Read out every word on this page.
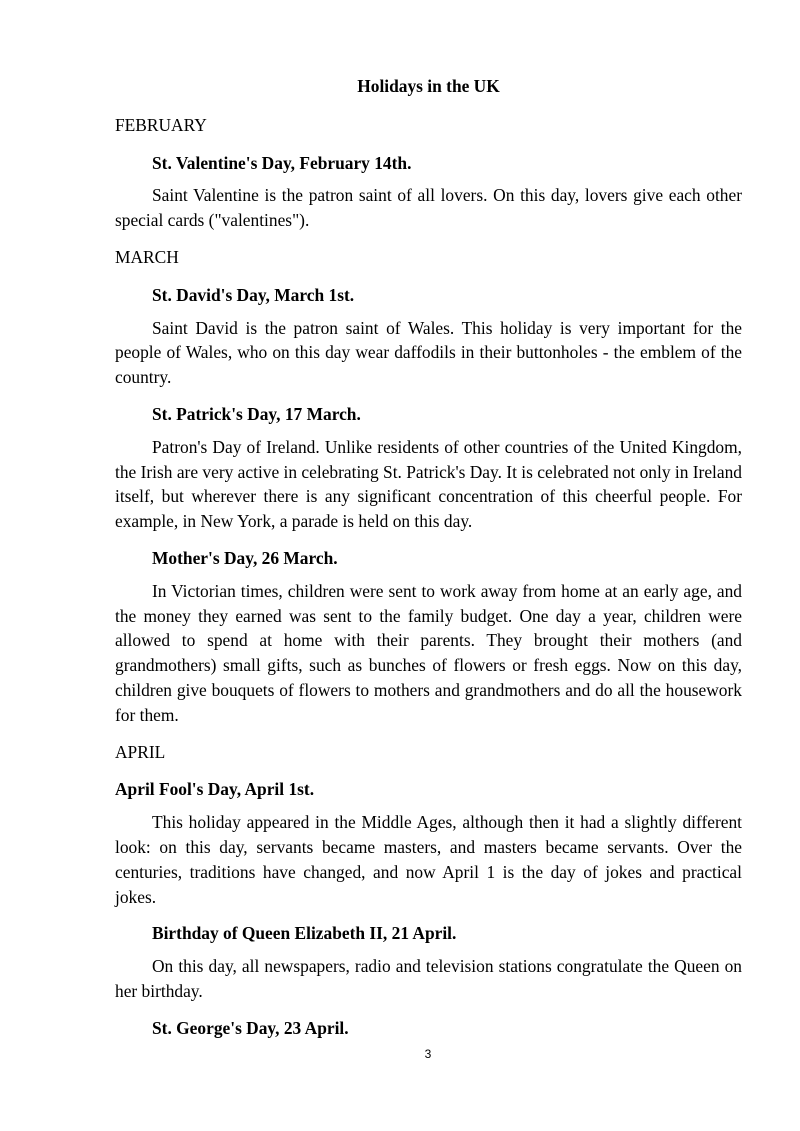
Holidays in the UK
FEBRUARY
St. Valentine's Day, February 14th.
Saint Valentine is the patron saint of all lovers. On this day, lovers give each other special cards ("valentines").
MARCH
St. David's Day, March 1st.
Saint David is the patron saint of Wales. This holiday is very important for the people of Wales, who on this day wear daffodils in their buttonholes - the emblem of the country.
St. Patrick's Day, 17 March.
Patron's Day of Ireland. Unlike residents of other countries of the United Kingdom, the Irish are very active in celebrating St. Patrick's Day. It is celebrated not only in Ireland itself, but wherever there is any significant concentration of this cheerful people. For example, in New York, a parade is held on this day.
Mother's Day, 26 March.
In Victorian times, children were sent to work away from home at an early age, and the money they earned was sent to the family budget. One day a year, children were allowed to spend at home with their parents. They brought their mothers (and grandmothers) small gifts, such as bunches of flowers or fresh eggs. Now on this day, children give bouquets of flowers to mothers and grandmothers and do all the housework for them.
APRIL
April Fool's Day, April 1st.
This holiday appeared in the Middle Ages, although then it had a slightly different look: on this day, servants became masters, and masters became servants. Over the centuries, traditions have changed, and now April 1 is the day of jokes and practical jokes.
Birthday of Queen Elizabeth II, 21 April.
On this day, all newspapers, radio and television stations congratulate the Queen on her birthday.
St. George's Day, 23 April.
3
